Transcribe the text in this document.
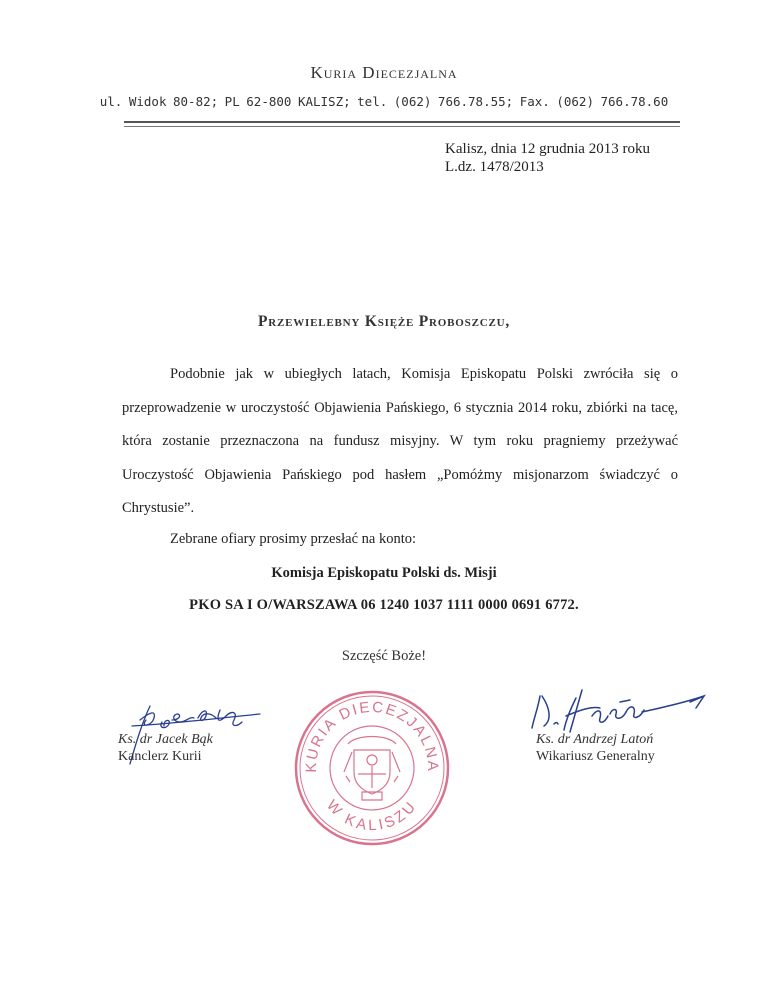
Kuria Diecezjalna
ul. Widok 80-82; PL 62-800 KALISZ; tel. (062) 766.78.55; Fax. (062) 766.78.60
Kalisz, dnia 12 grudnia 2013 roku
L.dz. 1478/2013
Przewielebny Księże Proboszczu,
Podobnie jak w ubiegłych latach, Komisja Episkopatu Polski zwróciła się o przeprowadzenie w uroczystość Objawienia Pańskiego, 6 stycznia 2014 roku, zbiórki na tacę, która zostanie przeznaczona na fundusz misyjny. W tym roku pragniemy przeżywać Uroczystość Objawienia Pańskiego pod hasłem „Pomóżmy misjonarzom świadczyć o Chrystusie”.
Zebrane ofiary prosimy przesłać na konto:
Komisja Episkopatu Polski ds. Misji
PKO SA I O/WARSZAWA 06 1240 1037 1111 0000 0691 6772.
Szczęść Boże!
Ks. dr Jacek Bąk
Kanclerz Kurii
Ks. dr Andrzej Latoń
Wikariusz Generalny
KURIA DIECEZJALNA
W KALISZU
